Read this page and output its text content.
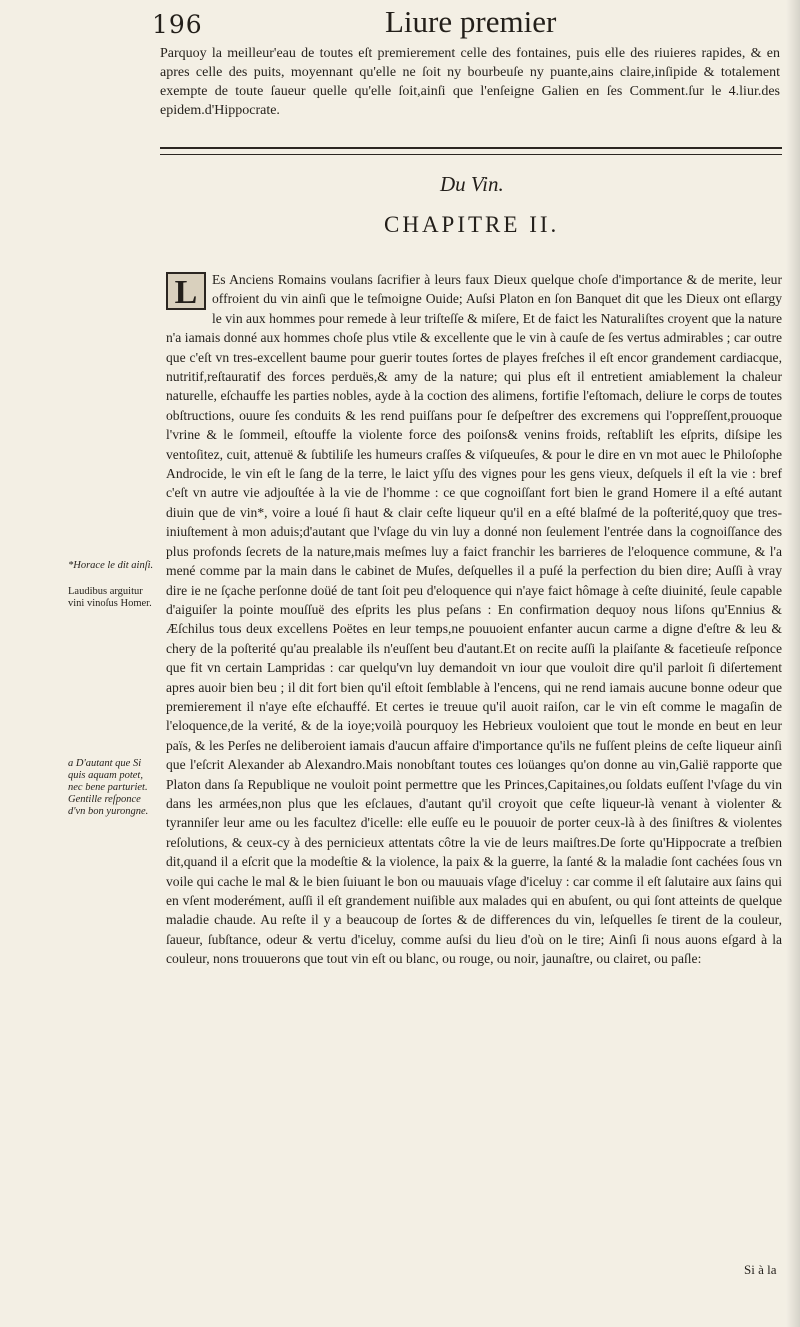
196	Liure premier
Parquoy la meilleur'eau de toutes eſt premierement celle des fontaines, puis elle des riuieres rapides, & en apres celle des puits, moyennant qu'elle ne ſoit ny bourbeuſe ny puante,ains claire,inſipide & totalement exempte de toute ſaueur quelle qu'elle ſoit,ainſi que l'enſeigne Galien en ſes Comment.ſur le 4.liur.des epidem.d'Hippocrate.
Du Vin.
CHAPITRE II.

L	Es Anciens Romains voulans ſacrifier à leurs faux Dieux quelque choſe d'importance & de merite, leur offroient du vin ainſi que le teſmoigne Ouide; Auſsi Platon en ſon Banquet dit que les Dieux ont eſlargy le vin aux hommes pour remede à leur triſteſſe & miſere, Et de faict les Naturaliſtes croyent que la nature n'a iamais donné aux hommes choſe plus vtile & excellente que le vin à cauſe de ſes vertus admirables ; car outre que c'eſt vn tres-excellent baume pour guerir toutes ſortes de playes freſches il eſt encor grandement cardiacque, nutritif,reſtauratif des forces perduës,& amy de la nature; qui plus eſt il entretient amiablement la chaleur naturelle, eſchauffe les parties nobles, ayde à la coction des alimens, fortifie l'eſtomach, deliure le corps de toutes obſtructions, ouure ſes conduits & les rend puiſſans pour ſe deſpeſtrer des excremens qui l'oppreſſent,prouoque l'vrine & le ſommeil, eſtouffe la violente force des poiſons& venins froids, reſtabliſt les eſprits, diſsipe les ventoſitez, cuit, attenuë & ſubtiliſe les humeurs craſſes & viſqueuſes, & pour le dire en vn mot auec le Philoſophe Androcide, le vin eſt le ſang de la terre, le laict yſſu des vignes pour les gens vieux, deſquels il eſt la vie : bref c'eſt vn autre vie adjouſtée à la vie de l'homme : ce que cognoiſſant fort bien le grand Homere il a eſté autant diuin que de vin*, voire a loué ſi haut & clair ceſte liqueur qu'il en a eſté blaſmé de la poſterité,quoy que tres-iniuſtement à mon aduis;d'autant que l'vſage du vin luy a donné non ſeulement l'entrée dans la cognoiſſance des plus profonds ſecrets de la nature,mais meſmes luy a faict franchir les barrieres de l'eloquence commune, & l'a mené comme par la main dans le cabinet de Muſes, deſquelles il a puſé la perfection du bien dire; Auſſi à vray dire ie ne ſçache perſonne doüé de tant ſoit peu d'eloquence qui n'aye faict hômage à ceſte diuinité, ſeule capable d'aiguiſer la pointe mouſſuë des eſprits les plus peſans : En confirmation dequoy nous liſons qu'Ennius & Æſchilus tous deux excellens Poëtes en leur temps,ne pouuoient enfanter aucun carme a digne d'eſtre & leu & chery de la poſterité qu'au prealable ils n'euſſent beu d'autant.Et on recite auſſi la plaiſante & facetieuſe reſponce que fit vn certain Lampridas : car quelqu'vn luy demandoit vn iour que vouloit dire qu'il parloit ſi diſertement apres auoir bien beu ; il dit fort bien qu'il eſtoit ſemblable à l'encens, qui ne rend iamais aucune bonne odeur que premierement il n'aye eſte eſchauffé. Et certes ie treuue qu'il auoit raiſon, car le vin eſt comme le magaſin de l'eloquence,de la verité, & de la ioye;voilà pourquoy les Hebrieux vouloient que tout le monde en beut en leur païs, & les Perſes ne deliberoient iamais d'aucun affaire d'importance qu'ils ne fuſſent pleins de ceſte liqueur ainſi que l'eſcrit Alexander ab Alexandro.Mais nonobſtant toutes ces loüanges qu'on donne au vin,Galië rapporte que Platon dans ſa Republique ne vouloit point permettre que les Princes,Capitaines,ou ſoldats euſſent l'vſage du vin dans les armées,non plus que les eſclaues, d'autant qu'il croyoit que ceſte liqueur-là venant à violenter & tyranniſer leur ame ou les facultez d'icelle: elle euſſe eu le pouuoir de porter ceux-là à des ſiniſtres & violentes reſolutions, & ceux-cy à des pernicieux attentats côtre la vie de leurs maiſtres.De ſorte qu'Hippocrate a treſbien dit,quand il a eſcrit que la modeſtie & la violence, la paix & la guerre, la ſanté & la maladie ſont cachées ſous vn voile qui cache le mal & le bien ſuiuant le bon ou mauuais vſage d'iceluy : car comme il eſt ſalutaire aux ſains qui en vſent moderément, auſſi il eſt grandement nuiſible aux malades qui en abuſent, ou qui ſont atteints de quelque maladie chaude. Au reſte il y a beaucoup de ſortes & de differences du vin, leſquelles ſe tirent de la couleur, ſaueur, ſubſtance, odeur & vertu d'iceluy, comme auſsi du lieu d'où on le tire; Ainſi ſi nous auons eſgard à la couleur, nons trouuerons que tout vin eſt ou blanc, ou rouge, ou noir, jaunaſtre, ou clairet, ou paſle:

*Horace le dit ainſi.
Laudibus arguitur vini vinoſus Homer.
a D'autant que Si quis aquam potet, nec bene parturiet. Gentille reſponce d'vn bon yurongne.
Si à la
